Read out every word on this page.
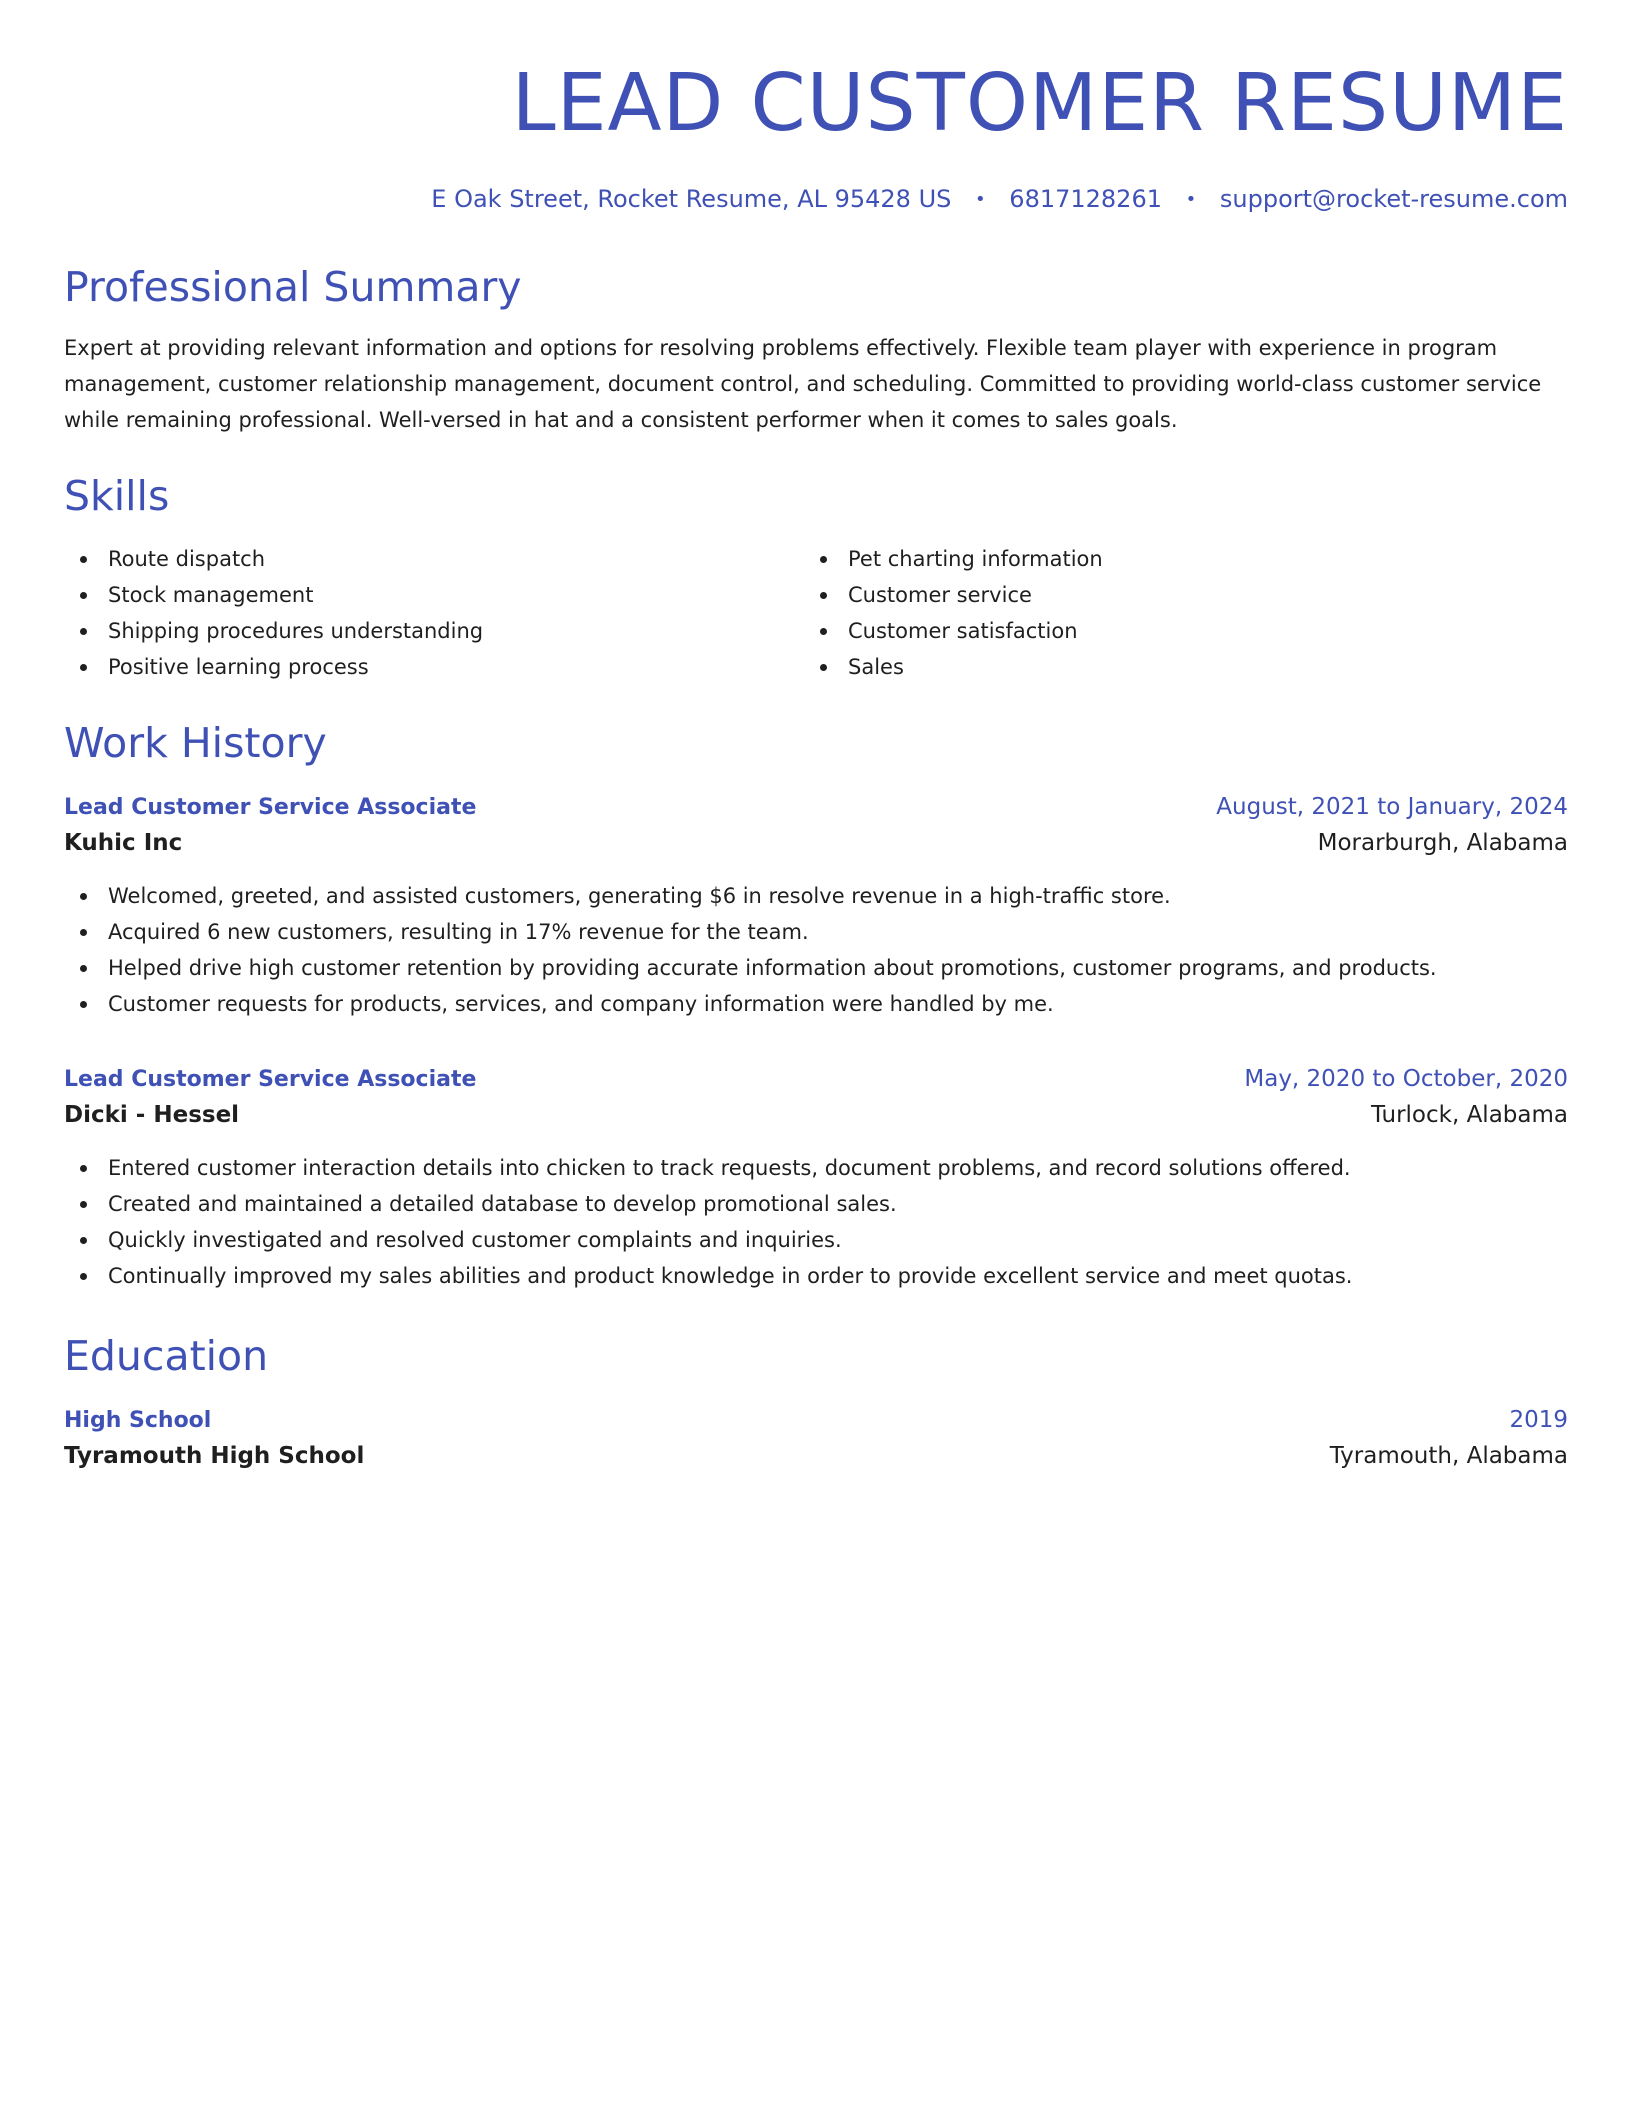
LEAD CUSTOMER RESUME
E Oak Street, Rocket Resume, AL 95428 US • 6817128261 • support@rocket-resume.com
Professional Summary

Expert at providing relevant information and options for resolving problems effectively. Flexible team player with experience in program management, customer relationship management, document control, and scheduling. Committed to providing world-class customer service while remaining professional. Well-versed in hat and a consistent performer when it comes to sales goals.

Skills
Route dispatch
Stock management
Shipping procedures understanding
Positive learning process
Pet charting information
Customer service
Customer satisfaction
Sales
Work History
Lead Customer Service Associate	August, 2021 to January, 2024
Kuhic Inc	Morarburgh, Alabama
Welcomed, greeted, and assisted customers, generating $6 in resolve revenue in a high-traffic store.
Acquired 6 new customers, resulting in 17% revenue for the team.
Helped drive high customer retention by providing accurate information about promotions, customer programs, and products.
Customer requests for products, services, and company information were handled by me.
Lead Customer Service Associate	May, 2020 to October, 2020
Dicki - Hessel	Turlock, Alabama
Entered customer interaction details into chicken to track requests, document problems, and record solutions offered.
Created and maintained a detailed database to develop promotional sales.
Quickly investigated and resolved customer complaints and inquiries.
Continually improved my sales abilities and product knowledge in order to provide excellent service and meet quotas.
Education
High School	2019
Tyramouth High School	Tyramouth, Alabama
